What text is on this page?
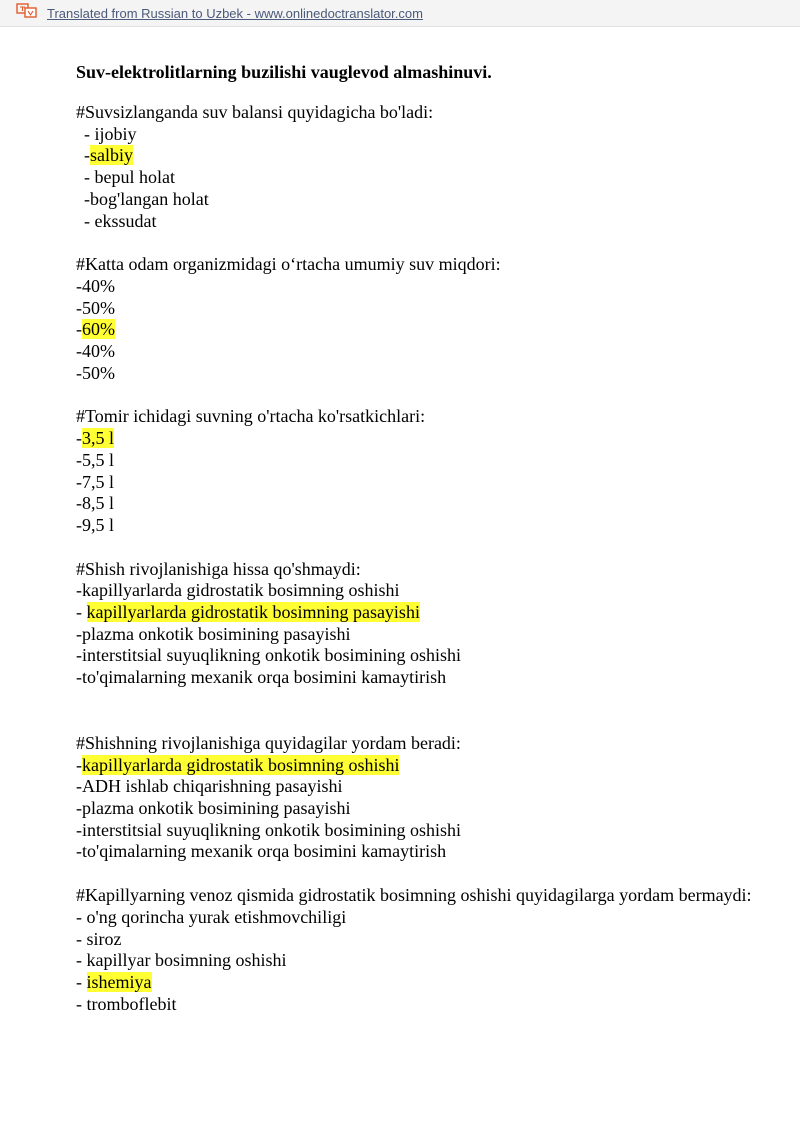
Translated from Russian to Uzbek - www.onlinedoctranslator.com
Suv-elektrolitlarning buzilishi vauglevod almashinuvi.
#Suvsizlanganda suv balansi quyidagicha bo'ladi:
- ijobiy
-salbiy
- bepul holat
-bog'langan holat
- ekssudat
#Katta odam organizmidagi oʻrtacha umumiy suv miqdori:
-40%
-50%
-60%
-40%
-50%
#Tomir ichidagi suvning o'rtacha ko'rsatkichlari:
-3,5 l
-5,5 l
-7,5 l
-8,5 l
-9,5 l
#Shish rivojlanishiga hissa qo'shmaydi:
-kapillyarlarda gidrostatik bosimning oshishi
- kapillyarlarda gidrostatik bosimning pasayishi
-plazma onkotik bosimining pasayishi
-interstitsial suyuqlikning onkotik bosimining oshishi
-to'qimalarning mexanik orqa bosimini kamaytirish
#Shishning rivojlanishiga quyidagilar yordam beradi:
-kapillyarlarda gidrostatik bosimning oshishi
-ADH ishlab chiqarishning pasayishi
-plazma onkotik bosimining pasayishi
-interstitsial suyuqlikning onkotik bosimining oshishi
-to'qimalarning mexanik orqa bosimini kamaytirish
#Kapillyarning venoz qismida gidrostatik bosimning oshishi quyidagilarga yordam bermaydi:
- o'ng qorincha yurak etishmovchiligi
- siroz
- kapillyar bosimning oshishi
- ishemiya
- tromboflebit
